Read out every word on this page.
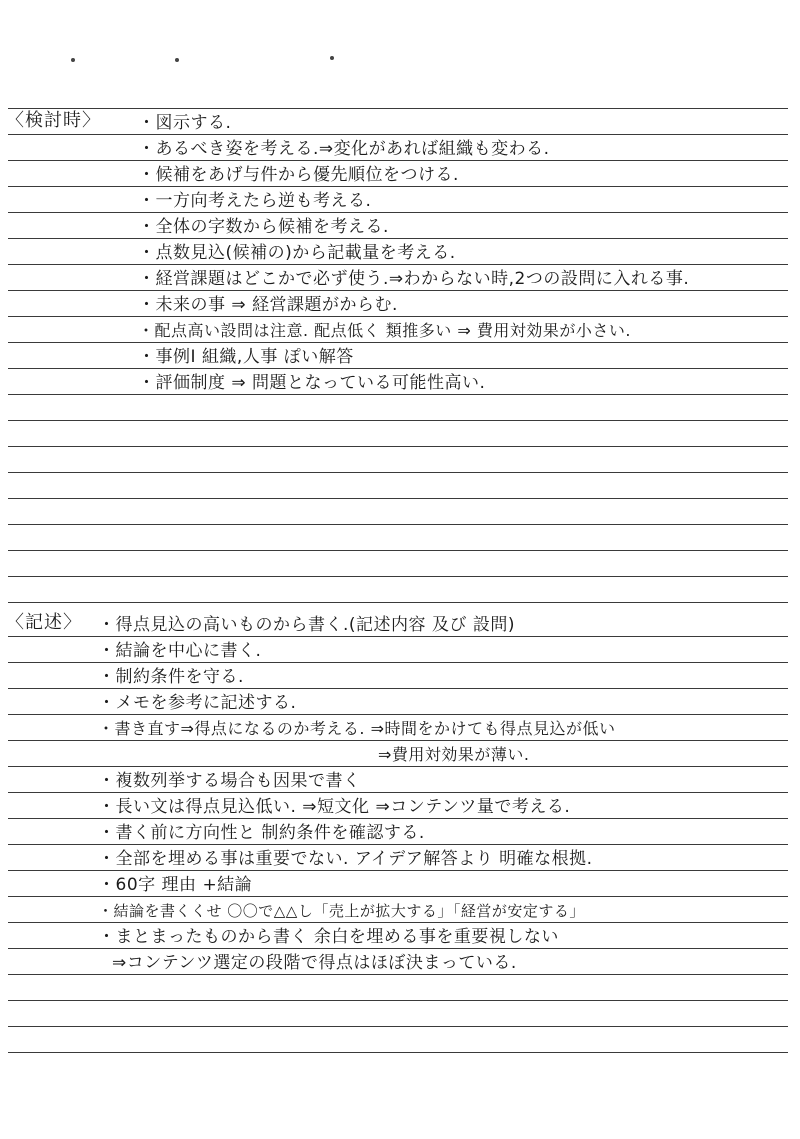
〈検討時〉 ・図示する.
・あるべき姿を考える.⇒変化があれば組織も変わる.
・候補をあげ与件から優先順位をつける.
・一方向考えたら逆も考える.
・全体の字数から候補を考える.
・点数見込(候補の)から記載量を考える.
・経営課題はどこかで必ず使う.⇒わからない時,2つの設問に入れる事.
・未来の事 ⇒ 経営課題がからむ.
・配点高い設問は注意. 配点低く 類推多い ⇒ 費用対効果が小さい.
・事例Ⅰ 組織,人事 ぽい解答
・評価制度 ⇒ 問題となっている可能性高い.
〈記述〉 ・得点見込の高いものから書く.(記述内容 及び 設問)
・結論を中心に書く.
・制約条件を守る.
・メモを参考に記述する.
・書き直す⇒得点になるのか考える. ⇒時間をかけても得点見込が低い
⇒費用対効果が薄い.
・複数列挙する場合も因果で書く
・長い文は得点見込低い. ⇒短文化 ⇒コンテンツ量で考える.
・書く前に方向性と 制約条件を確認する.
・全部を埋める事は重要でない. アイデア解答より 明確な根拠.
・60字 理由 +結論
・結論を書くくせ 〇〇で△△し「売上が拡大する」「経営が安定する」
・まとまったものから書く 余白を埋める事を重要視しない
⇒コンテンツ選定の段階で得点はほぼ決まっている.
